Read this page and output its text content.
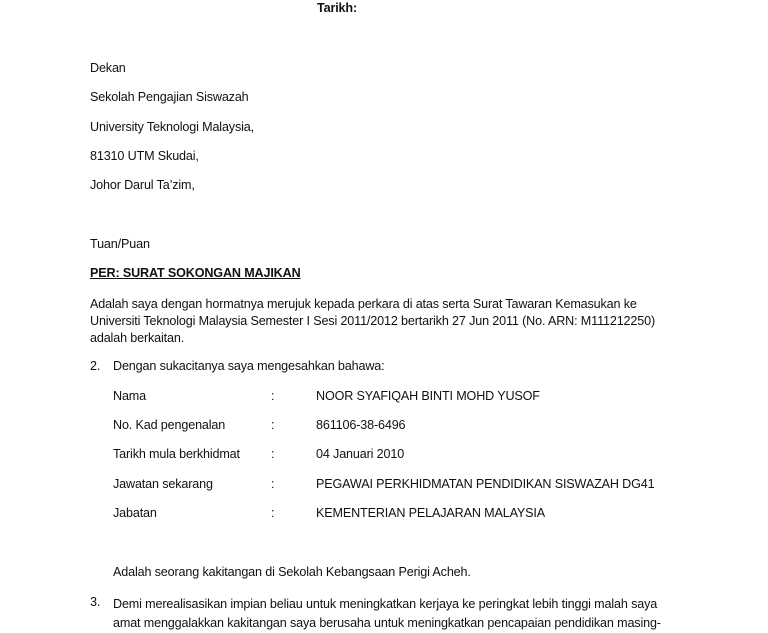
Tarikh:
Dekan
Sekolah Pengajian Siswazah
University Teknologi Malaysia,
81310 UTM Skudai,
Johor Darul Ta’zim,
Tuan/Puan
PER: SURAT SOKONGAN MAJIKAN
Adalah saya dengan hormatnya merujuk kepada perkara di atas serta Surat Tawaran Kemasukan ke
Universiti Teknologi Malaysia Semester I Sesi 2011/2012 bertarikh 27 Jun 2011 (No. ARN: M111212250)
adalah berkaitan.
2. Dengan sukacitanya saya mengesahkan bahawa:
Nama	:	NOOR SYAFIQAH BINTI MOHD YUSOF
No. Kad pengenalan	:	861106-38-6496
Tarikh mula berkhidmat :	04 Januari 2010
Jawatan sekarang	:	PEGAWAI PERKHIDMATAN PENDIDIKAN SISWAZAH DG41
Jabatan	:	KEMENTERIAN PELAJARAN MALAYSIA
Adalah seorang kakitangan di Sekolah Kebangsaan Perigi Acheh.
3. Demi merealisasikan impian beliau untuk meningkatkan kerjaya ke peringkat lebih tinggi malah saya
amat menggalakkan kakitangan saya berusaha untuk meningkatkan pencapaian pendidikan masing-
